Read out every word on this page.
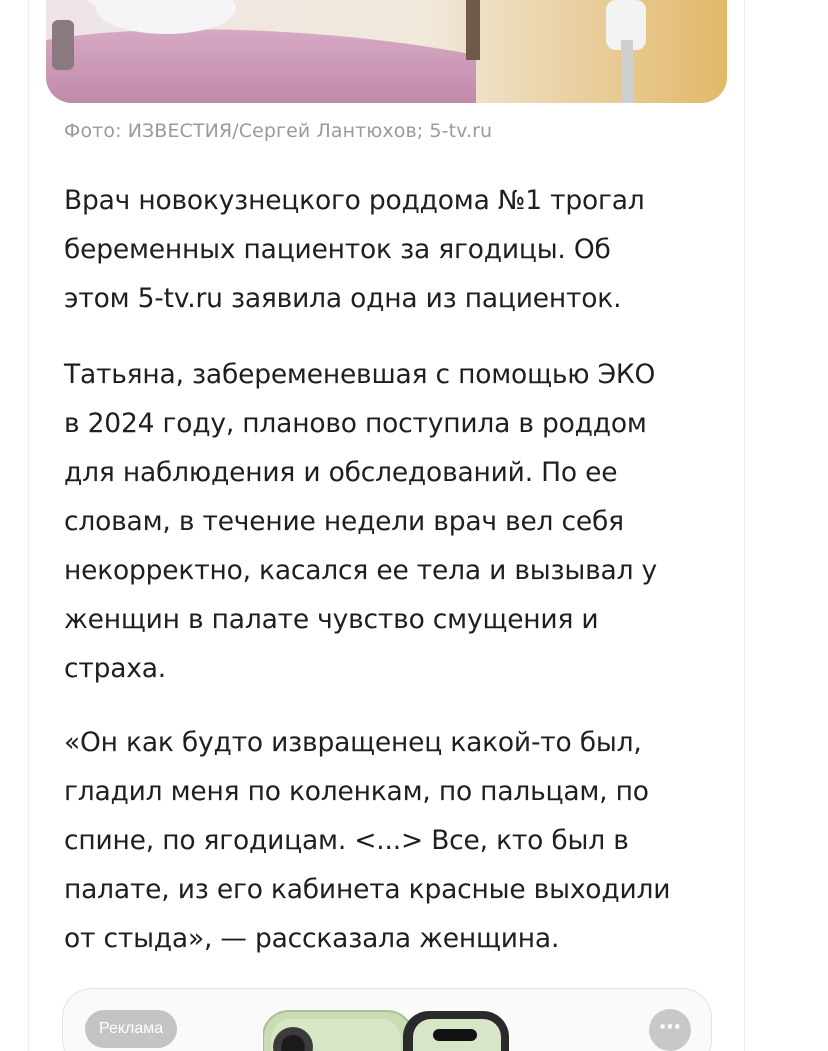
Фото: ИЗВЕСТИЯ/Сергей Лантюхов; 5-tv.ru

Врач новокузнецкого роддома №1 трогал
беременных пациенток за ягодицы. Об
этом 5-tv.ru заявила одна из пациенток.

Татьяна, забеременевшая с помощью ЭКО
в 2024 году, планово поступила в роддом
для наблюдения и обследований. По ее
словам, в течение недели врач вел себя
некорректно, касался ее тела и вызывал у
женщин в палате чувство смущения и
страха.

«Он как будто извращенец какой-то был,
гладил меня по коленкам, по пальцам, по
спине, по ягодицам. <...> Все, кто был в
палате, из его кабинета красные выходили
от стыда», — рассказала женщина.

Реклама	⋯
